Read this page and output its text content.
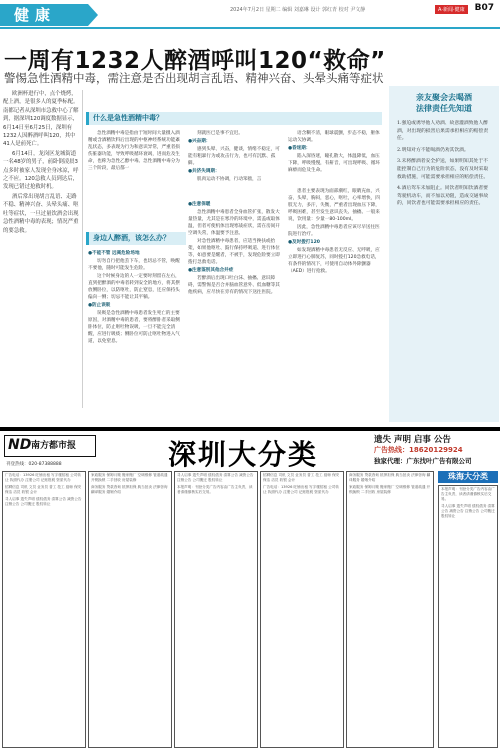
健康	2024年7月2日 星期二 编辑 刘嘉琳 设计 郭红青 校对 尹文静	A·新闻·健康	B07
一周有1232人醉酒呼叫120“救命”
警惕急性酒精中毒，需注意是否出现胡言乱语、精神兴奋、头晕头痛等症状

欧洲杯进行中，点个烧烤，配上酒，是很多人的夏季标配。南都记者从深圳市急救中心了解到，据深圳120调度数据显示，6月14日至6月25日，深圳有1232人因醉酒呼叫120，其中41人是前死亡。

6月14日，龙岗区龙城街道一名48岁的男子，前卧倒凌晨3点多时被家人发现全身冰凉，呼之不应。120急救人员到达后，发现已错过抢救时机。

酒后常出现胡言乱语、走路不稳、精神兴奋、头晕头痛、呕吐等症状，一旦过量饮酒会出现急性酒精中毒的表现；情况严重的要急救。

什么是急性酒精中毒？

急性酒精中毒是指由于短时间大量摄入酒精或含酒精饮料后出现的中枢神经系统功能紊乱状态，多表现为行为和意识异常，严重者损伤脏器功能，导致呼吸循环衰竭，进而危及生命，也称为急性乙醇中毒。急性酒精中毒分为三个阶段，最后都一

身边人醉酒，该怎么办？

●不能不管 远离危险场地

切勿自行把他丢下车，也切忌不管，唤醒不要他，随时可能发生危险。

这个时候身边的人一定要时刻留在左右，直到把醉酒的中毒者转到安全的地方，将其摆放侧卧位，以防呕吐，防止窒息，还应保持头偏向一侧；切忌不能让其平躺。

●防止误吸

误吸是急性酒精中毒患者发生死亡的主要原因，对酒精中毒的患者，要将醉卧者采取侧卧体位，防止呕吐物误吸，一旦不能完全清醒，应进行吸痰；侧卧位可防止呕吐物进入气道，以免窒息。

刻就医已是事不宜迟。

●兴奋期：

感到头晕、兴奋，健谈，情绪不稳定，可能有粗暴行为或攻击行为，也可有沉默、孤僻。

●共济失调期：

肌肉运动不协调，行动笨拙，言

●注意保暖

急性酒精中毒患者全身血管扩张，散发大量热量，尤其是在寒冷的环境中，需盖或取体温，但者可使机体出现寒战症状，需在房间开空调失常，体温要予注意。

对急性酒精中毒患者，应适当搀扶或抬架，如果他呕吐、鼓行保持呼吸道、进行体位等，如意要是醒者，不被手，发现危险要立即拨打急救电话。

●注意鉴别其他合并症

若醉酒后出现口吐白沫、抽搐、意识障碍，需警惕是否合并脑血管意外、低血糖等其他疾病，应尽快在旁有的情况下送往医院。

语含糊不清，眼球震颤，步态不稳，躯体运动欠协调。

●昏迷期：

陷入深昏迷，瞳孔散大，体温降低，血压下降，呼吸慢慢，有鼾音，可出现呼吸、循环麻痹而危及生命。

患者主要表现为面部潮红，眼睛充血，兴奋，头晕，胸闷，恶心，呕吐，心率增快，四肢无力，多汗，失衡，严重者出现血压下降，呼吸困难，甚至发生意识丧失、抽搐。一般来说，饮用量：少量一80-100ml。

因此，急性酒精中毒患者应该尽早送往医院进行治疗。

●及时拨打120

如发现酒精中毒患者无反应、无呼吸，应立即进行心肺复苏，同时拨打120急救电话，有条件的情况下，可使用自动体外除颤器（AED）进行抢救。

亲友聚会去喝酒
法律责任先知道

1.强迫或诱导他人劝酒、故意灌酒致他人醉酒，对出现的损害后果需承担相应的赔偿责任。

2.明知对方不能喝酒仍劝其饮酒。

3.未将醉酒者安全护送，如果明知其处于不能控制自己行为的危险状态，没有及时采取救助措施，可能需要承担相应的赔偿责任。

4.酒后驾车未加阻止。同饮者明知饮酒者要驾驶机动车，而不加以劝阻，造成交通事故的，同饮者也可能需要承担相应的责任。

ND 南方都市报
刊登热线：020-87388888	深圳大分类	遗失 声明 启事 公告
广告热线：18620129924
独家代理：广东找叶广告有限公司
广告电话：13926 旺铺出租 写字楼招租 公司转让 执照代办 注册公司 记账报税 资质代办
招聘信息 司机 文员 业务员 普工 技工 厨师 保安 保洁 店员 收银 会计
寻人启事 遗失声明 债权债务 清算公告 减资公告 注销公告 公司搬迁 股权转让
家政服务 保姆月嫂 搬家搬厂 空调维修 管道疏通 开锁换锁 二手回收 房屋装修
商务服务 贷款咨询 抵押担保 典当拍卖 法律咨询 翻译服务 婚姻介绍
寻人启事 遗失声明 债权债务 清算公告 减资公告 注销公告 公司搬迁 股权转让
本报声明：刊登分类广告内容由广告主负责，读者请谨慎核实后交易。
招聘信息 司机 文员 业务员 普工 技工 厨师 保安 保洁 店员 收银 会计
广告电话：13926 旺铺出租 写字楼招租 公司转让 执照代办 注册公司 记账报税 资质代办
商务服务 贷款咨询 抵押担保 典当拍卖 法律咨询 翻译服务 婚姻介绍
家政服务 保姆月嫂 搬家搬厂 空调维修 管道疏通 开锁换锁 二手回收 房屋装修
珠海大分类
本报声明：刊登分类广告内容由广告主负责，读者请谨慎核实后交易。
寻人启事 遗失声明 债权债务 清算公告 减资公告 注销公告 公司搬迁 股权转让
